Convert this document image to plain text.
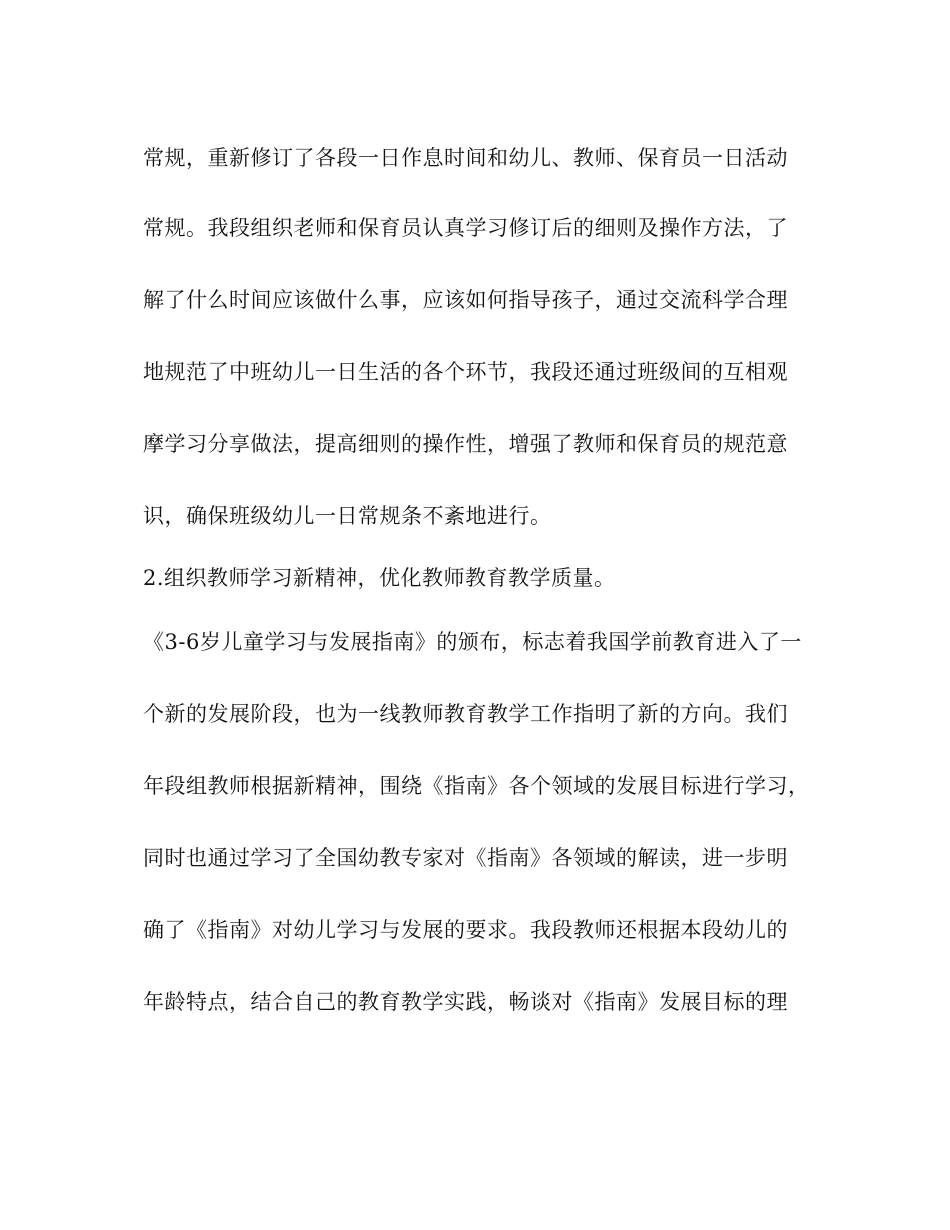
常规，重新修订了各段一日作息时间和幼儿、教师、保育员一日活动
常规。我段组织老师和保育员认真学习修订后的细则及操作方法，了
解了什么时间应该做什么事，应该如何指导孩子，通过交流科学合理
地规范了中班幼儿一日生活的各个环节，我段还通过班级间的互相观
摩学习分享做法，提高细则的操作性，增强了教师和保育员的规范意
识，确保班级幼儿一日常规条不紊地进行。
2.组织教师学习新精神，优化教师教育教学质量。
《3-6岁儿童学习与发展指南》的颁布，标志着我国学前教育进入了一
个新的发展阶段，也为一线教师教育教学工作指明了新的方向。我们
年段组教师根据新精神，围绕《指南》各个领域的发展目标进行学习，
同时也通过学习了全国幼教专家对《指南》各领域的解读，进一步明
确了《指南》对幼儿学习与发展的要求。我段教师还根据本段幼儿的
年龄特点，结合自己的教育教学实践，畅谈对《指南》发展目标的理
